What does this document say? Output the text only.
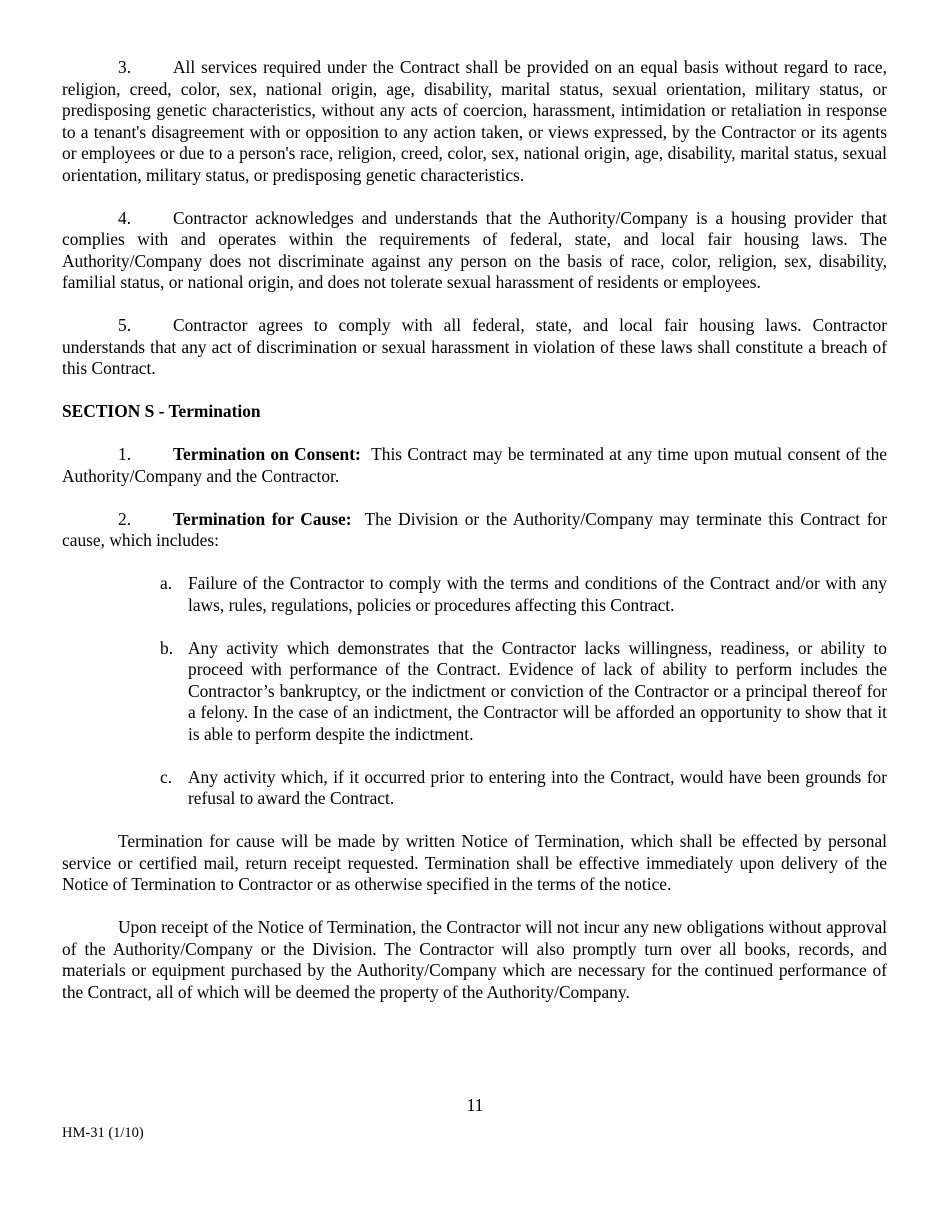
3. All services required under the Contract shall be provided on an equal basis without regard to race, religion, creed, color, sex, national origin, age, disability, marital status, sexual orientation, military status, or predisposing genetic characteristics, without any acts of coercion, harassment, intimidation or retaliation in response to a tenant's disagreement with or opposition to any action taken, or views expressed, by the Contractor or its agents or employees or due to a person's race, religion, creed, color, sex, national origin, age, disability, marital status, sexual orientation, military status, or predisposing genetic characteristics.

4. Contractor acknowledges and understands that the Authority/Company is a housing provider that complies with and operates within the requirements of federal, state, and local fair housing laws. The Authority/Company does not discriminate against any person on the basis of race, color, religion, sex, disability, familial status, or national origin, and does not tolerate sexual harassment of residents or employees.

5. Contractor agrees to comply with all federal, state, and local fair housing laws. Contractor understands that any act of discrimination or sexual harassment in violation of these laws shall constitute a breach of this Contract.

SECTION S - Termination

1. Termination on Consent: This Contract may be terminated at any time upon mutual consent of the Authority/Company and the Contractor.

2. Termination for Cause: The Division or the Authority/Company may terminate this Contract for cause, which includes:

a. Failure of the Contractor to comply with the terms and conditions of the Contract and/or with any laws, rules, regulations, policies or procedures affecting this Contract.
b. Any activity which demonstrates that the Contractor lacks willingness, readiness, or ability to proceed with performance of the Contract. Evidence of lack of ability to perform includes the Contractor’s bankruptcy, or the indictment or conviction of the Contractor or a principal thereof for a felony. In the case of an indictment, the Contractor will be afforded an opportunity to show that it is able to perform despite the indictment.
c. Any activity which, if it occurred prior to entering into the Contract, would have been grounds for refusal to award the Contract.

Termination for cause will be made by written Notice of Termination, which shall be effected by personal service or certified mail, return receipt requested. Termination shall be effective immediately upon delivery of the Notice of Termination to Contractor or as otherwise specified in the terms of the notice.

Upon receipt of the Notice of Termination, the Contractor will not incur any new obligations without approval of the Authority/Company or the Division. The Contractor will also promptly turn over all books, records, and materials or equipment purchased by the Authority/Company which are necessary for the continued performance of the Contract, all of which will be deemed the property of the Authority/Company.

11
HM-31 (1/10)
